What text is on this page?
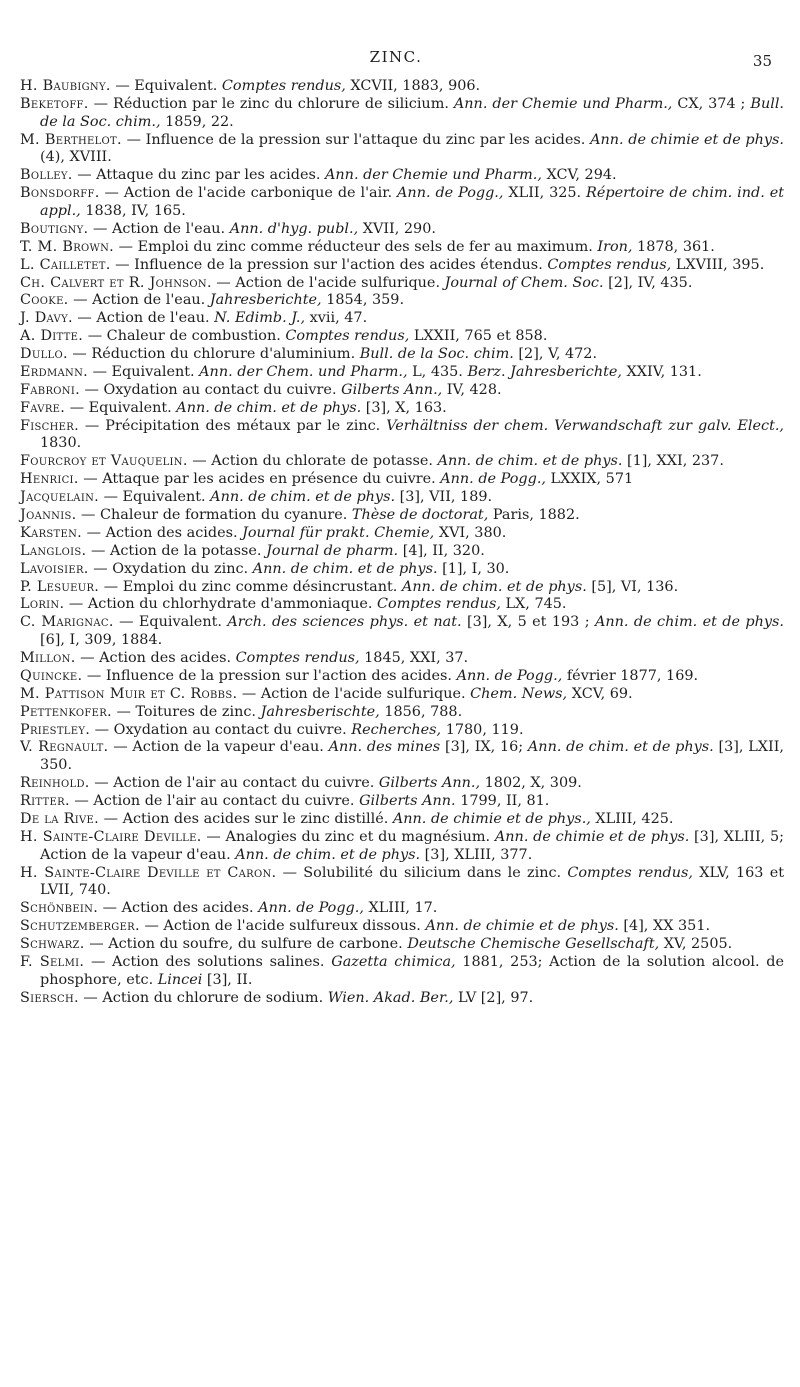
ZINC.	35

H. Baubigny. — Equivalent. Comptes rendus, XCVII, 1883, 906.

Beketoff. — Réduction par le zinc du chlorure de silicium. Ann. der Chemie und Pharm., CX, 374 ; Bull. de la Soc. chim., 1859, 22.

M. Berthelot. — Influence de la pression sur l'attaque du zinc par les acides. Ann. de chimie et de phys. (4), XVIII.

Bolley. — Attaque du zinc par les acides. Ann. der Chemie und Pharm., XCV, 294.

Bonsdorff. — Action de l'acide carbonique de l'air. Ann. de Pogg., XLII, 325. Répertoire de chim. ind. et appl., 1838, IV, 165.

Boutigny. — Action de l'eau. Ann. d'hyg. publ., XVII, 290.

T. M. Brown. — Emploi du zinc comme réducteur des sels de fer au maximum. Iron, 1878, 361.

L. Cailletet. — Influence de la pression sur l'action des acides étendus. Comptes rendus, LXVIII, 395.

Ch. Calvert et R. Johnson. — Action de l'acide sulfurique. Journal of Chem. Soc. [2], IV, 435.

Cooke. — Action de l'eau. Jahresberichte, 1854, 359.

J. Davy. — Action de l'eau. N. Edimb. J., xvii, 47.

A. Ditte. — Chaleur de combustion. Comptes rendus, LXXII, 765 et 858.

Dullo. — Réduction du chlorure d'aluminium. Bull. de la Soc. chim. [2], V, 472.

Erdmann. — Equivalent. Ann. der Chem. und Pharm., L, 435. Berz. Jahresberichte, XXIV, 131.

Fabroni. — Oxydation au contact du cuivre. Gilberts Ann., IV, 428.

Favre. — Equivalent. Ann. de chim. et de phys. [3], X, 163.

Fischer. — Précipitation des métaux par le zinc. Verhältniss der chem. Verwandschaft zur galv. Elect., 1830.

Fourcroy et Vauquelin. — Action du chlorate de potasse. Ann. de chim. et de phys. [1], XXI, 237.

Henrici. — Attaque par les acides en présence du cuivre. Ann. de Pogg., LXXIX, 571

Jacquelain. — Equivalent. Ann. de chim. et de phys. [3], VII, 189.

Joannis. — Chaleur de formation du cyanure. Thèse de doctorat, Paris, 1882.

Karsten. — Action des acides. Journal für prakt. Chemie, XVI, 380.

Langlois. — Action de la potasse. Journal de pharm. [4], II, 320.

Lavoisier. — Oxydation du zinc. Ann. de chim. et de phys. [1], I, 30.

P. Lesueur. — Emploi du zinc comme désincrustant. Ann. de chim. et de phys. [5], VI, 136.

Lorin. — Action du chlorhydrate d'ammoniaque. Comptes rendus, LX, 745.

C. Marignac. — Equivalent. Arch. des sciences phys. et nat. [3], X, 5 et 193 ; Ann. de chim. et de phys. [6], I, 309, 1884.

Millon. — Action des acides. Comptes rendus, 1845, XXI, 37.

Quincke. — Influence de la pression sur l'action des acides. Ann. de Pogg., février 1877, 169.

M. Pattison Muir et C. Robbs. — Action de l'acide sulfurique. Chem. News, XCV, 69.

Pettenkofer. — Toitures de zinc. Jahresberischte, 1856, 788.

Priestley. — Oxydation au contact du cuivre. Recherches, 1780, 119.

V. Regnault. — Action de la vapeur d'eau. Ann. des mines [3], IX, 16; Ann. de chim. et de phys. [3], LXII, 350.

Reinhold. — Action de l'air au contact du cuivre. Gilberts Ann., 1802, X, 309.

Ritter. — Action de l'air au contact du cuivre. Gilberts Ann. 1799, II, 81.

De la Rive. — Action des acides sur le zinc distillé. Ann. de chimie et de phys., XLIII, 425.

H. Sainte-Claire Deville. — Analogies du zinc et du magnésium. Ann. de chimie et de phys. [3], XLIII, 5; Action de la vapeur d'eau. Ann. de chim. et de phys. [3], XLIII, 377.

H. Sainte-Claire Deville et Caron. — Solubilité du silicium dans le zinc. Comptes rendus, XLV, 163 et LVII, 740.

Schönbein. — Action des acides. Ann. de Pogg., XLIII, 17.

Schutzemberger. — Action de l'acide sulfureux dissous. Ann. de chimie et de phys. [4], XX 351.

Schwarz. — Action du soufre, du sulfure de carbone. Deutsche Chemische Gesellschaft, XV, 2505.

F. Selmi. — Action des solutions salines. Gazetta chimica, 1881, 253; Action de la solution alcool. de phosphore, etc. Lincei [3], II.

Siersch. — Action du chlorure de sodium. Wien. Akad. Ber., LV [2], 97.
